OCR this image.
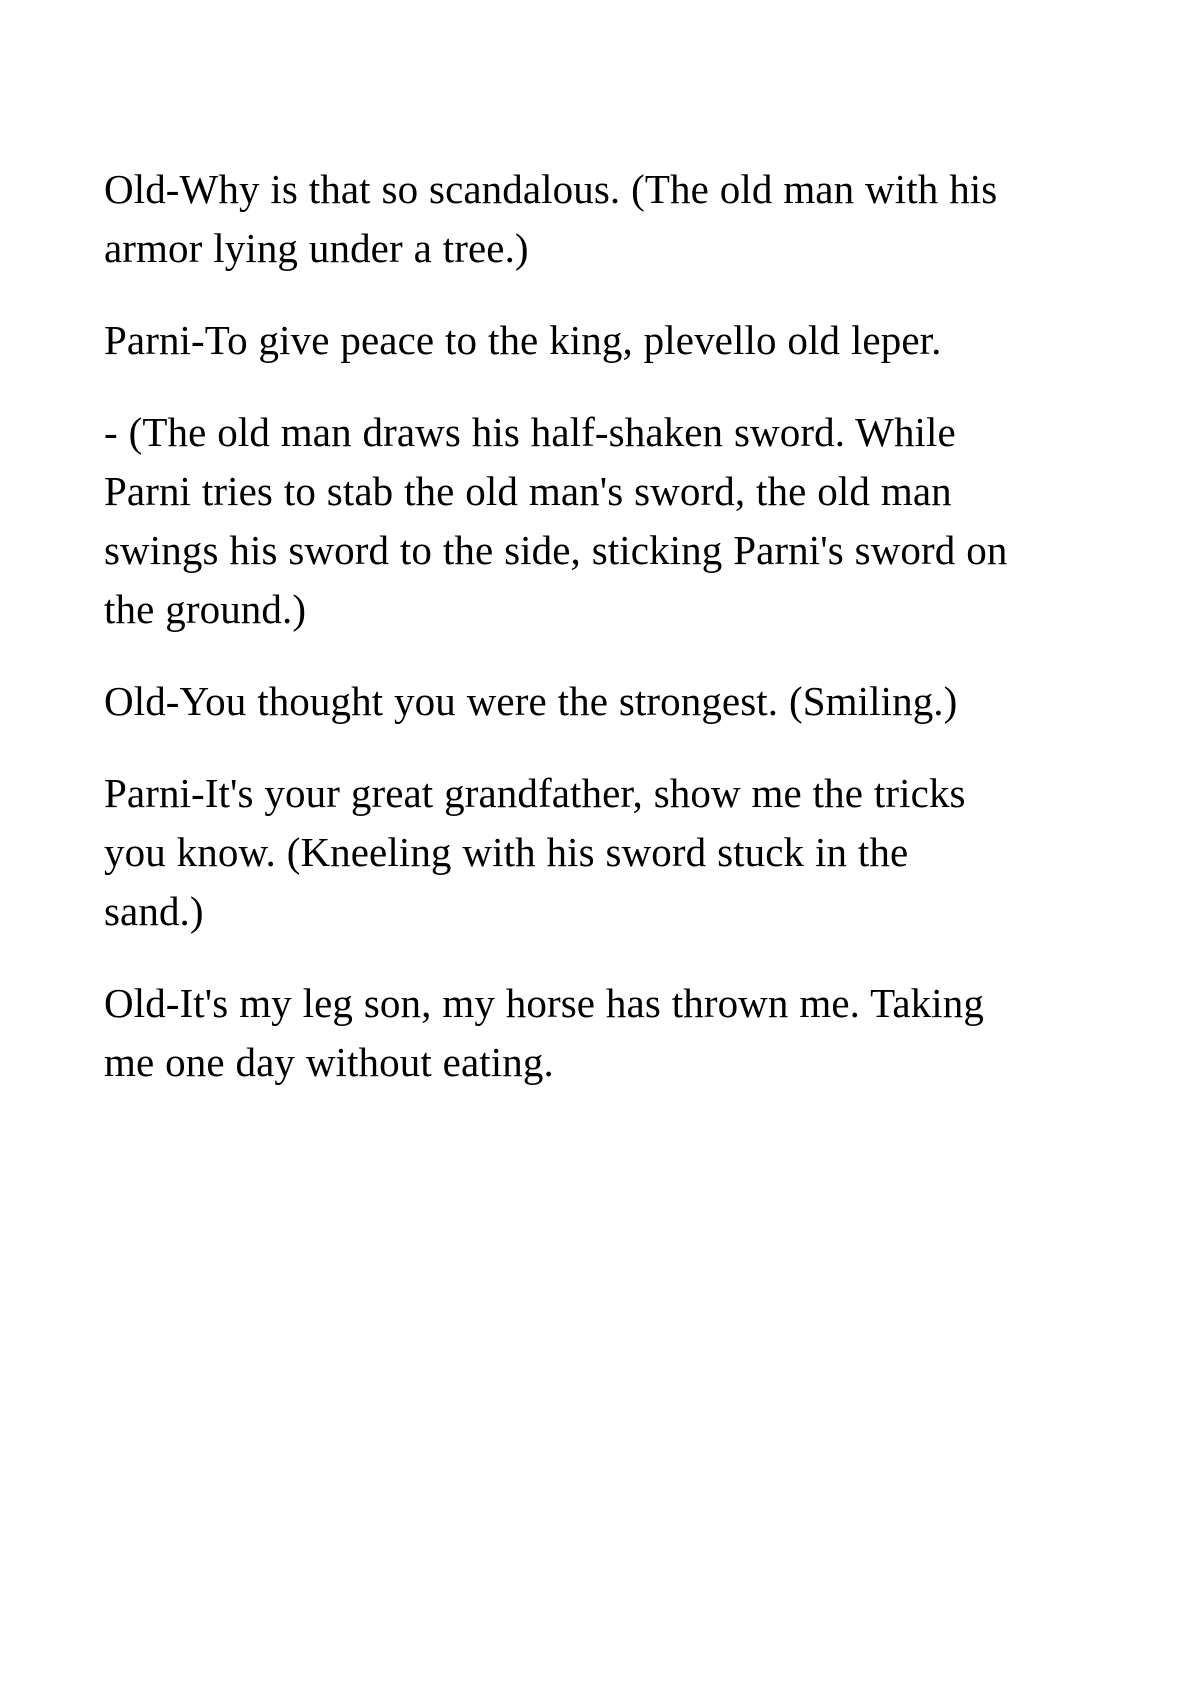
Old-Why is that so scandalous. (The old man with his armor lying under a tree.)

Parni-To give peace to the king, plevello old leper.

- (The old man draws his half-shaken sword. While Parni tries to stab the old man's sword, the old man swings his sword to the side, sticking Parni's sword on the ground.)

Old-You thought you were the strongest. (Smiling.)

Parni-It's your great grandfather, show me the tricks you know. (Kneeling with his sword stuck in the sand.)

Old-It's my leg son, my horse has thrown me. Taking me one day without eating.
